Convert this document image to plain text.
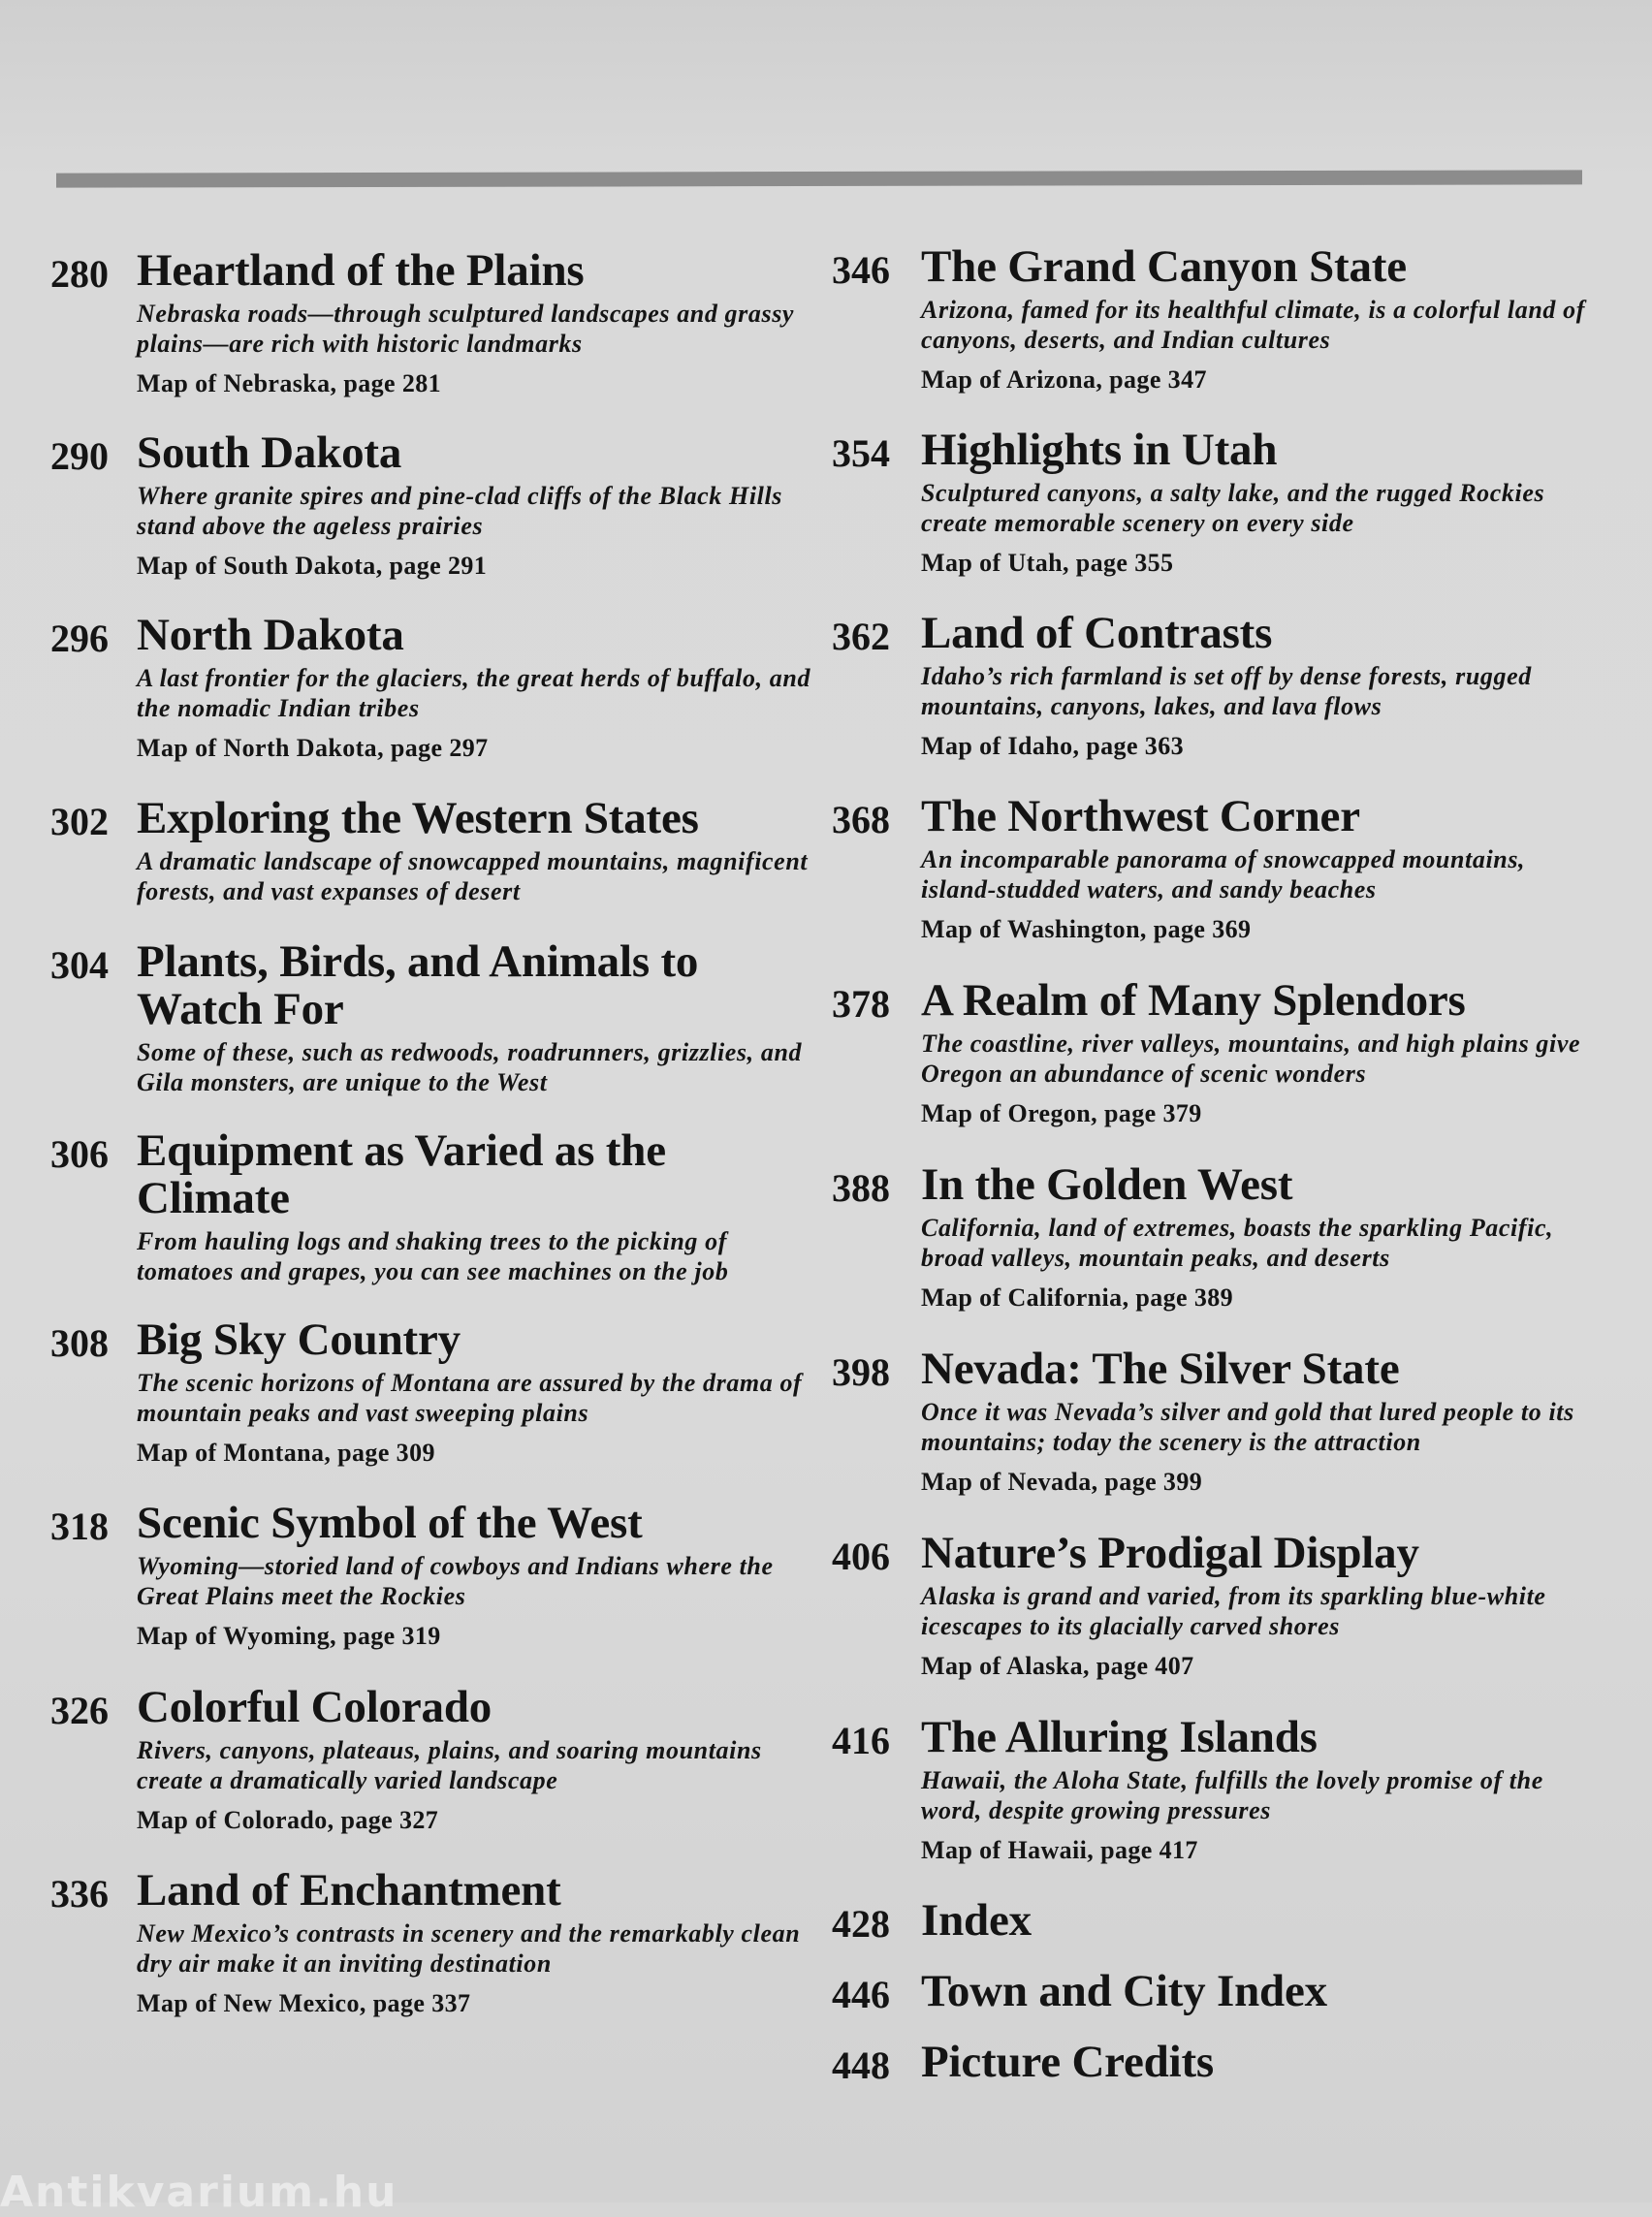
280 Heartland of the Plains
Nebraska roads—through sculptured landscapes and grassy plains—are rich with historic landmarks
Map of Nebraska, page 281
290 South Dakota
Where granite spires and pine-clad cliffs of the Black Hills stand above the ageless prairies
Map of South Dakota, page 291
296 North Dakota
A last frontier for the glaciers, the great herds of buffalo, and the nomadic Indian tribes
Map of North Dakota, page 297
302 Exploring the Western States
A dramatic landscape of snowcapped mountains, magnificent forests, and vast expanses of desert
304 Plants, Birds, and Animals to Watch For
Some of these, such as redwoods, roadrunners, grizzlies, and Gila monsters, are unique to the West
306 Equipment as Varied as the Climate
From hauling logs and shaking trees to the picking of tomatoes and grapes, you can see machines on the job
308 Big Sky Country
The scenic horizons of Montana are assured by the drama of mountain peaks and vast sweeping plains
Map of Montana, page 309
318 Scenic Symbol of the West
Wyoming—storied land of cowboys and Indians where the Great Plains meet the Rockies
Map of Wyoming, page 319
326 Colorful Colorado
Rivers, canyons, plateaus, plains, and soaring mountains create a dramatically varied landscape
Map of Colorado, page 327
336 Land of Enchantment
New Mexico’s contrasts in scenery and the remarkably clean dry air make it an inviting destination
Map of New Mexico, page 337
346 The Grand Canyon State
Arizona, famed for its healthful climate, is a colorful land of canyons, deserts, and Indian cultures
Map of Arizona, page 347
354 Highlights in Utah
Sculptured canyons, a salty lake, and the rugged Rockies create memorable scenery on every side
Map of Utah, page 355
362 Land of Contrasts
Idaho’s rich farmland is set off by dense forests, rugged mountains, canyons, lakes, and lava flows
Map of Idaho, page 363
368 The Northwest Corner
An incomparable panorama of snowcapped mountains, island-studded waters, and sandy beaches
Map of Washington, page 369
378 A Realm of Many Splendors
The coastline, river valleys, mountains, and high plains give Oregon an abundance of scenic wonders
Map of Oregon, page 379
388 In the Golden West
California, land of extremes, boasts the sparkling Pacific, broad valleys, mountain peaks, and deserts
Map of California, page 389
398 Nevada: The Silver State
Once it was Nevada’s silver and gold that lured people to its mountains; today the scenery is the attraction
Map of Nevada, page 399
406 Nature’s Prodigal Display
Alaska is grand and varied, from its sparkling blue-white icescapes to its glacially carved shores
Map of Alaska, page 407
416 The Alluring Islands
Hawaii, the Aloha State, fulfills the lovely promise of the word, despite growing pressures
Map of Hawaii, page 417
428 Index
446 Town and City Index
448 Picture Credits
Antikvarium.hu
